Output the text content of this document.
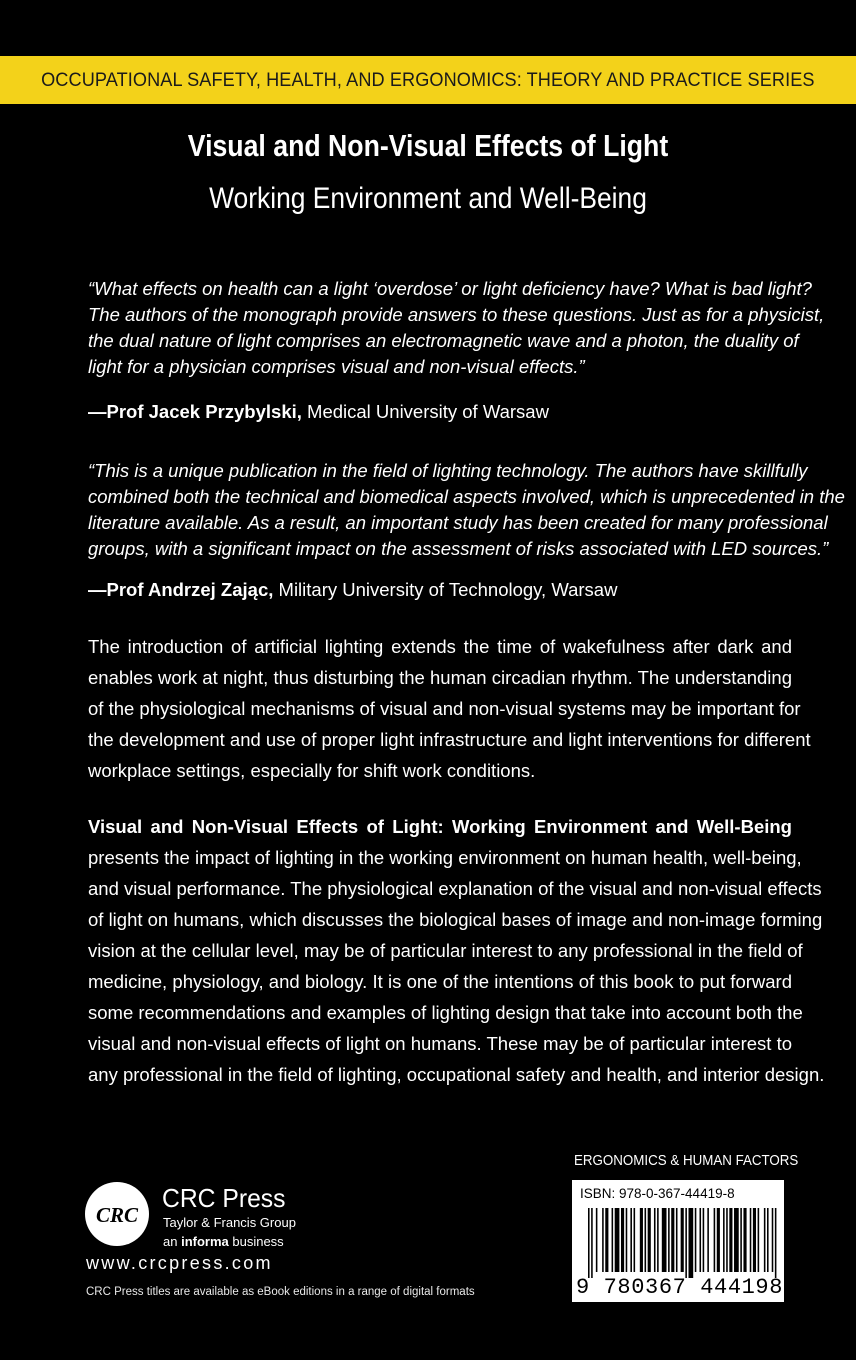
OCCUPATIONAL SAFETY, HEALTH, AND ERGONOMICS: THEORY AND PRACTICE SERIES
Visual and Non-Visual Effects of Light
Working Environment and Well-Being
“What effects on health can a light ‘overdose’ or light deficiency have? What is bad light?
The authors of the monograph provide answers to these questions. Just as for a physicist,
the dual nature of light comprises an electromagnetic wave and a photon, the duality of
light for a physician comprises visual and non-visual effects.”
—Prof Jacek Przybylski, Medical University of Warsaw
“This is a unique publication in the field of lighting technology. The authors have skillfully
combined both the technical and biomedical aspects involved, which is unprecedented in the
literature available. As a result, an important study has been created for many professional
groups, with a significant impact on the assessment of risks associated with LED sources.”
—Prof Andrzej Zając, Military University of Technology, Warsaw
The introduction of artificial lighting extends the time of wakefulness after dark and
enables work at night, thus disturbing the human circadian rhythm. The understanding
of the physiological mechanisms of visual and non-visual systems may be important for
the development and use of proper light infrastructure and light interventions for different
workplace settings, especially for shift work conditions.
Visual and Non-Visual Effects of Light: Working Environment and Well-Being
presents the impact of lighting in the working environment on human health, well-being,
and visual performance. The physiological explanation of the visual and non-visual effects
of light on humans, which discusses the biological bases of image and non-image forming
vision at the cellular level, may be of particular interest to any professional in the field of
medicine, physiology, and biology. It is one of the intentions of this book to put forward
some recommendations and examples of lighting design that take into account both the
visual and non-visual effects of light on humans. These may be of particular interest to
any professional in the field of lighting, occupational safety and health, and interior design.
ERGONOMICS & HUMAN FACTORS
ISBN: 978-0-367-44419-8
9 780367 444198
CRC
CRC Press
Taylor & Francis Group
an informa business
www.crcpress.com
CRC Press titles are available as eBook editions in a range of digital formats
